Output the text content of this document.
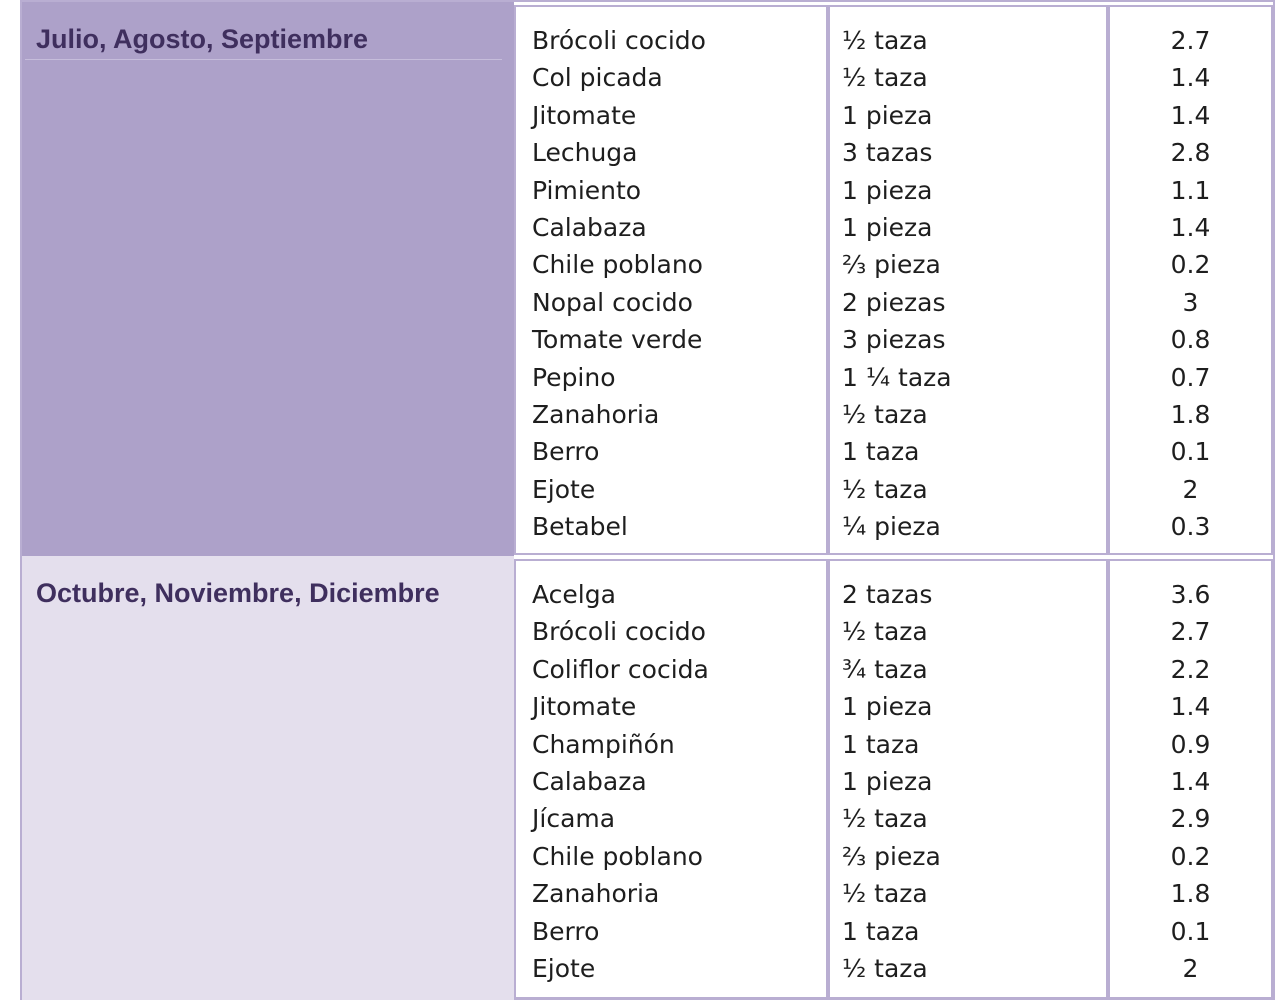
Julio, Agosto, Septiembre	Brócoli cocido
Col picada
Jitomate
Lechuga
Pimiento
Calabaza
Chile poblano
Nopal cocido
Tomate verde
Pepino
Zanahoria
Berro
Ejote
Betabel
½ taza
½ taza
1 pieza
3 tazas
1 pieza
1 pieza
⅔ pieza
2 piezas
3 piezas
1 ¼ taza
½ taza
1 taza
½ taza
¼ pieza
2.7
1.4
1.4
2.8
1.1
1.4
0.2
3
0.8
0.7
1.8
0.1
2
0.3
Octubre, Noviembre, Diciembre	Acelga
Brócoli cocido
Coliflor cocida
Jitomate
Champiñón
Calabaza
Jícama
Chile poblano
Zanahoria
Berro
Ejote
2 tazas
½ taza
¾ taza
1 pieza
1 taza
1 pieza
½ taza
⅔ pieza
½ taza
1 taza
½ taza
3.6
2.7
2.2
1.4
0.9
1.4
2.9
0.2
1.8
0.1
2
